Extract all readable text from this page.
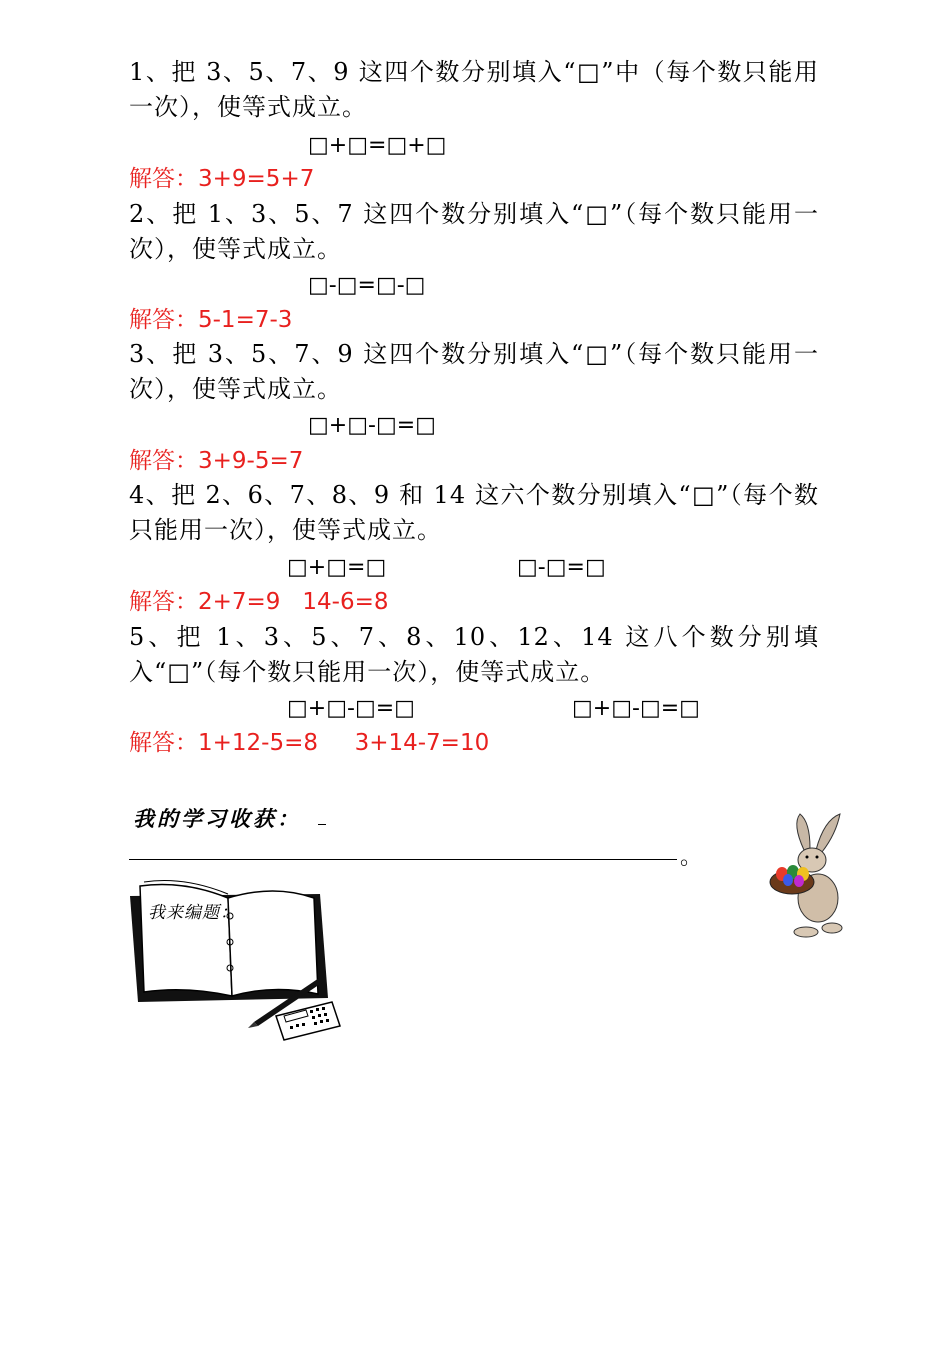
1、把 3、5、7、9 这四个数分别填入“□”中（每个数只能用一次），使等式成立。
□+□=□+□
解答：3+9=5+7
2、把 1、3、5、7 这四个数分别填入“□”（每个数只能用一次），使等式成立。
□-□=□-□
解答：5-1=7-3
3、把 3、5、7、9 这四个数分别填入“□”（每个数只能用一次），使等式成立。
□+□-□=□
解答：3+9-5=7
4、把 2、6、7、8、9 和 14 这六个数分别填入“□”（每个数只能用一次），使等式成立。
□+□=□	□-□=□
解答：2+7=9   14-6=8
5、把 1、3、5、7、8、10、12、14 这八个数分别填入“□”（每个数只能用一次），使等式成立。
□+□-□=□	□+□-□=□
解答：1+12-5=8     3+14-7=10
我的学习收获：
。
我来编题：
